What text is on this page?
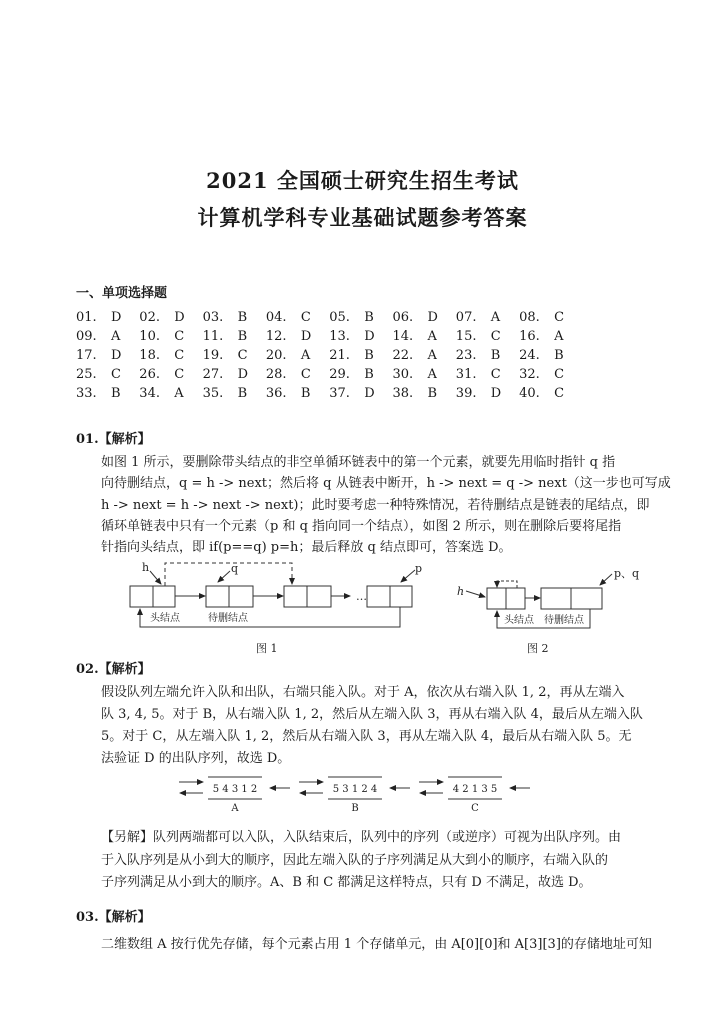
2021 全国硕士研究生招生考试
计算机学科专业基础试题参考答案
一、单项选择题
01. D 02. D 03. B 04. C 05. B 06. D 07. A 08. C
09. A 10. C 11. B 12. D 13. D 14. A 15. C 16. A
17. D 18. C 19. C 20. A 21. B 22. A 23. B 24. B
25. C 26. C 27. D 28. C 29. B 30. A 31. C 32. C
33. B 34. A 35. B 36. B 37. D 38. B 39. D 40. C
01.【解析】
如图 1 所示，要删除带头结点的非空单循环链表中的第一个元素，就要先用临时指针 q 指
向待删结点，q = h -> next；然后将 q 从链表中断开，h -> next = q -> next（这一步也可写成
h -> next = h -> next -> next)；此时要考虑一种特殊情况，若待删结点是链表的尾结点，即
循环单链表中只有一个元素（p 和 q 指向同一个结点），如图 2 所示，则在删除后要将尾指
针指向头结点，即 if(p==q) p=h；最后释放 q 结点即可，答案选 D。
h	q	p
…
头结点	待删结点
图 1
h
p、q
头结点 待删结点
图 2
5 4 3 1 2
A
5 3 1 2 4
B
4 2 1 3 5
C
02.【解析】
假设队列左端允许入队和出队，右端只能入队。对于 A，依次从右端入队 1, 2，再从左端入
队 3, 4, 5。对于 B，从右端入队 1, 2，然后从左端入队 3，再从右端入队 4，最后从左端入队
5。对于 C，从左端入队 1, 2，然后从右端入队 3，再从左端入队 4，最后从右端入队 5。无
法验证 D 的出队序列，故选 D。
【另解】队列两端都可以入队，入队结束后，队列中的序列（或逆序）可视为出队序列。由
于入队序列是从小到大的顺序，因此左端入队的子序列满足从大到小的顺序，右端入队的
子序列满足从小到大的顺序。A、B 和 C 都满足这样特点，只有 D 不满足，故选 D。
03.【解析】
二维数组 A 按行优先存储，每个元素占用 1 个存储单元，由 A[0][0]和 A[3][3]的存储地址可知
